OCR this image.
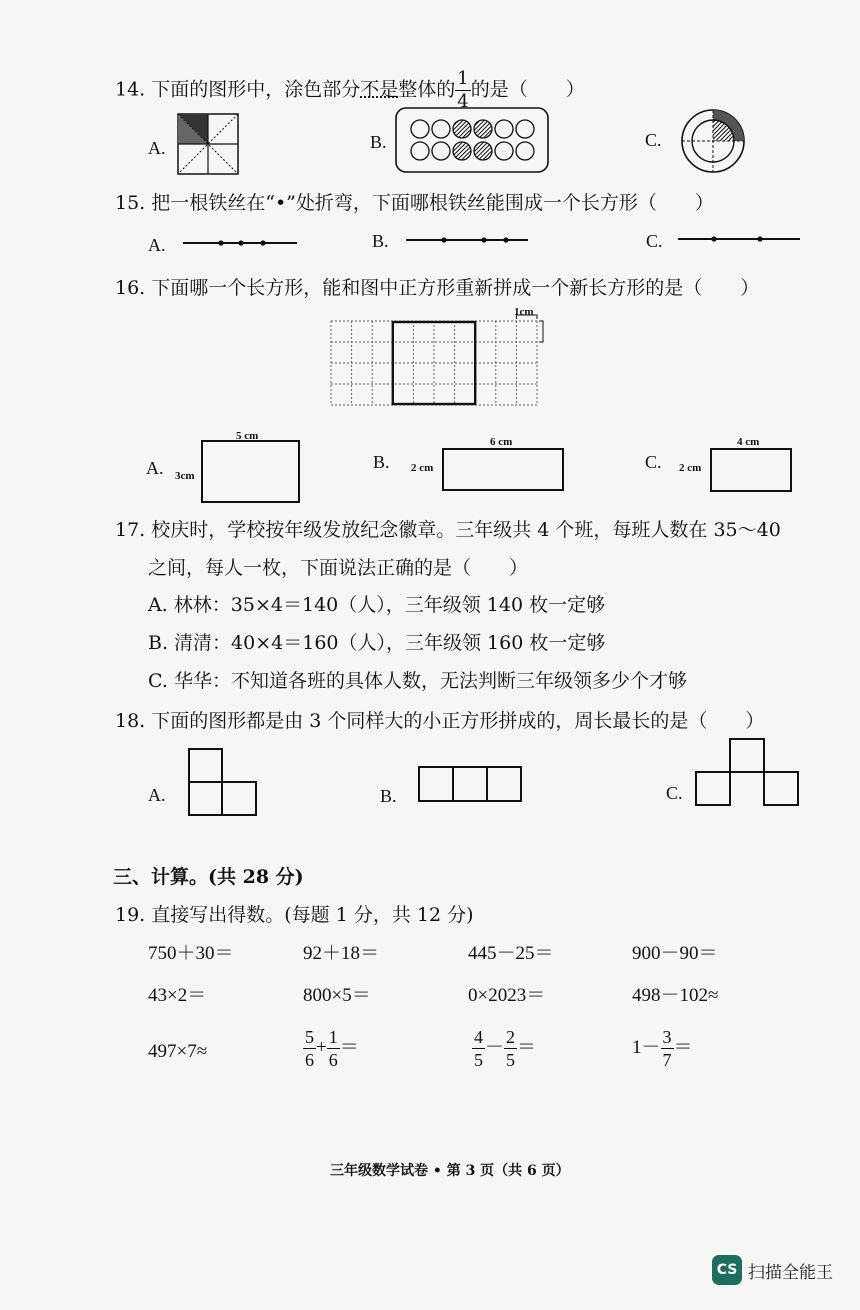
14. 下面的图形中，涂色部分不是整体的 $\frac{1}{4}$ 的是（　　）
A.	B.	C.
15. 把一根铁丝在“•”处折弯，下面哪根铁丝能围成一个长方形（　　）
A.	B.	C.
16. 下面哪一个长方形，能和图中正方形重新拼成一个新长方形的是（　　）
1cm
A.
5 cm
3cm
B.
6 cm
2 cm	C.
4 cm
2 cm
17. 校庆时，学校按年级发放纪念徽章。三年级共 4 个班，每班人数在 35～40
之间，每人一枚，下面说法正确的是（　　）
A. 林林：35×4＝140（人），三年级领 140 枚一定够
B. 清清：40×4＝160（人），三年级领 160 枚一定够
C. 华华：不知道各班的具体人数，无法判断三年级领多少个才够
18. 下面的图形都是由 3 个同样大的小正方形拼成的，周长最长的是（　　）
A.	B.	C.
三、计算。(共 28 分)
19. 直接写出得数。(每题 1 分，共 12 分)
750＋30＝	92＋18＝	445－25＝	900－90＝
43×2＝	800×5＝	0×2023＝	498－102≈
497×7≈	$\frac{5}{6} + \frac{1}{6}$ ＝	$\frac{4}{5} - \frac{2}{5}$ ＝	$1- \frac{3}{7}$ ＝
三年级数学试卷 • 第 3 页（共 6 页）
CS 扫描全能王
